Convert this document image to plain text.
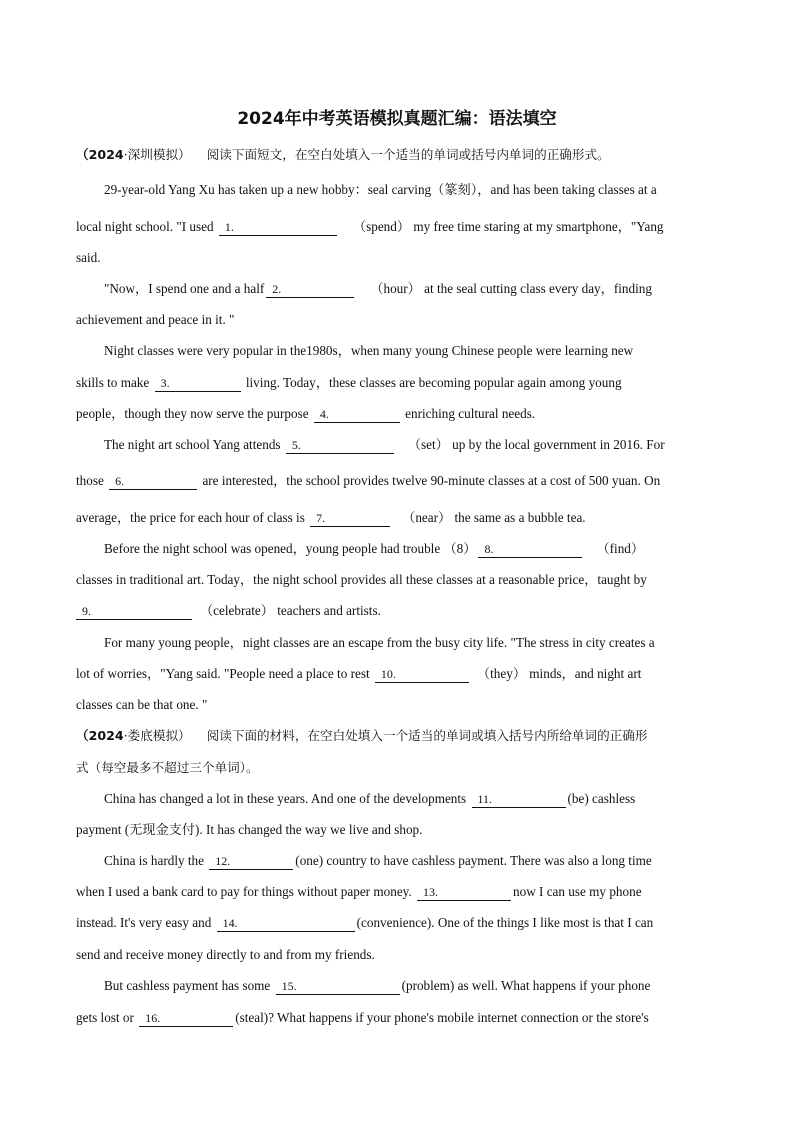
2024年中考英语模拟真题汇编：语法填空
（2024·深圳模拟） 阅读下面短文，在空白处填入一个适当的单词或括号内单词的正确形式。
29-year-old Yang Xu has taken up a new hobby：seal carving（篆刻），and has been taking classes at a
local night school. "I used 1.	（spend） my free time staring at my smartphone，"Yang
said.
"Now，I spend one and a half 2.	（hour） at the seal cutting class every day，finding
achievement and peace in it. "
Night classes were very popular in the1980s，when many young Chinese people were learning new
skills to make 3.	living. Today，these classes are becoming popular again among young
people，though they now serve the purpose 4.	enriching cultural needs.
The night art school Yang attends 5.	（set） up by the local government in 2016. For
those 6.	are interested，the school provides twelve 90-minute classes at a cost of 500 yuan. On
average，the price for each hour of class is 7.	（near） the same as a bubble tea.
Before the night school was opened，young people had trouble （8） 8.	（find）
classes in traditional art. Today，the night school provides all these classes at a reasonable price，taught by
9.	（celebrate） teachers and artists.
For many young people，night classes are an escape from the busy city life. "The stress in city creates a
lot of worries，"Yang said. "People need a place to rest 10.	（they） minds，and night art
classes can be that one. "
（2024·娄底模拟） 阅读下面的材料，在空白处填入一个适当的单词或填入括号内所给单词的正确形
式（每空最多不超过三个单词）。
China has changed a lot in these years. And one of the developments 11.	(be) cashless
payment (无现金支付). It has changed the way we live and shop.
China is hardly the 12.	(one) country to have cashless payment. There was also a long time
when I used a bank card to pay for things without paper money. 13.	now I can use my phone
instead. It's very easy and 14.	(convenience). One of the things I like most is that I can
send and receive money directly to and from my friends.
But cashless payment has some 15.	(problem) as well. What happens if your phone
gets lost or 16.	(steal)? What happens if your phone's mobile internet connection or the store's
